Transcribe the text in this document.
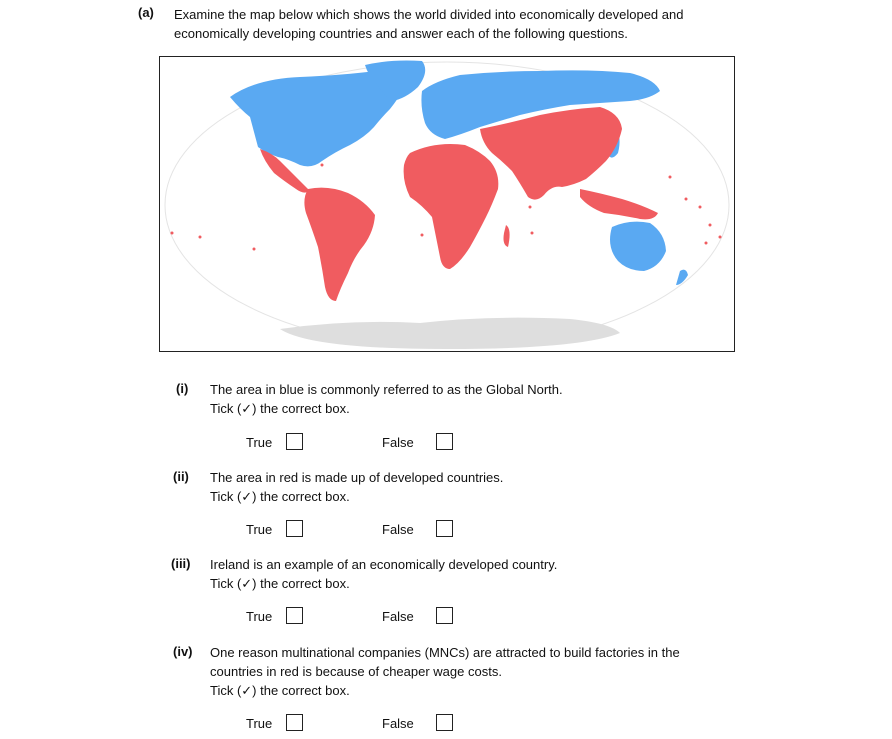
(a) Examine the map below which shows the world divided into economically developed and
economically developing countries and answer each of the following questions.
(i) The area in blue is commonly referred to as the Global North.
Tick (✓) the correct box.
True	False
(ii) The area in red is made up of developed countries.
Tick (✓) the correct box.
True	False
(iii) Ireland is an example of an economically developed country.
Tick (✓) the correct box.
True	False
(iv) One reason multinational companies (MNCs) are attracted to build factories in the
countries in red is because of cheaper wage costs.
Tick (✓) the correct box.
True	False
